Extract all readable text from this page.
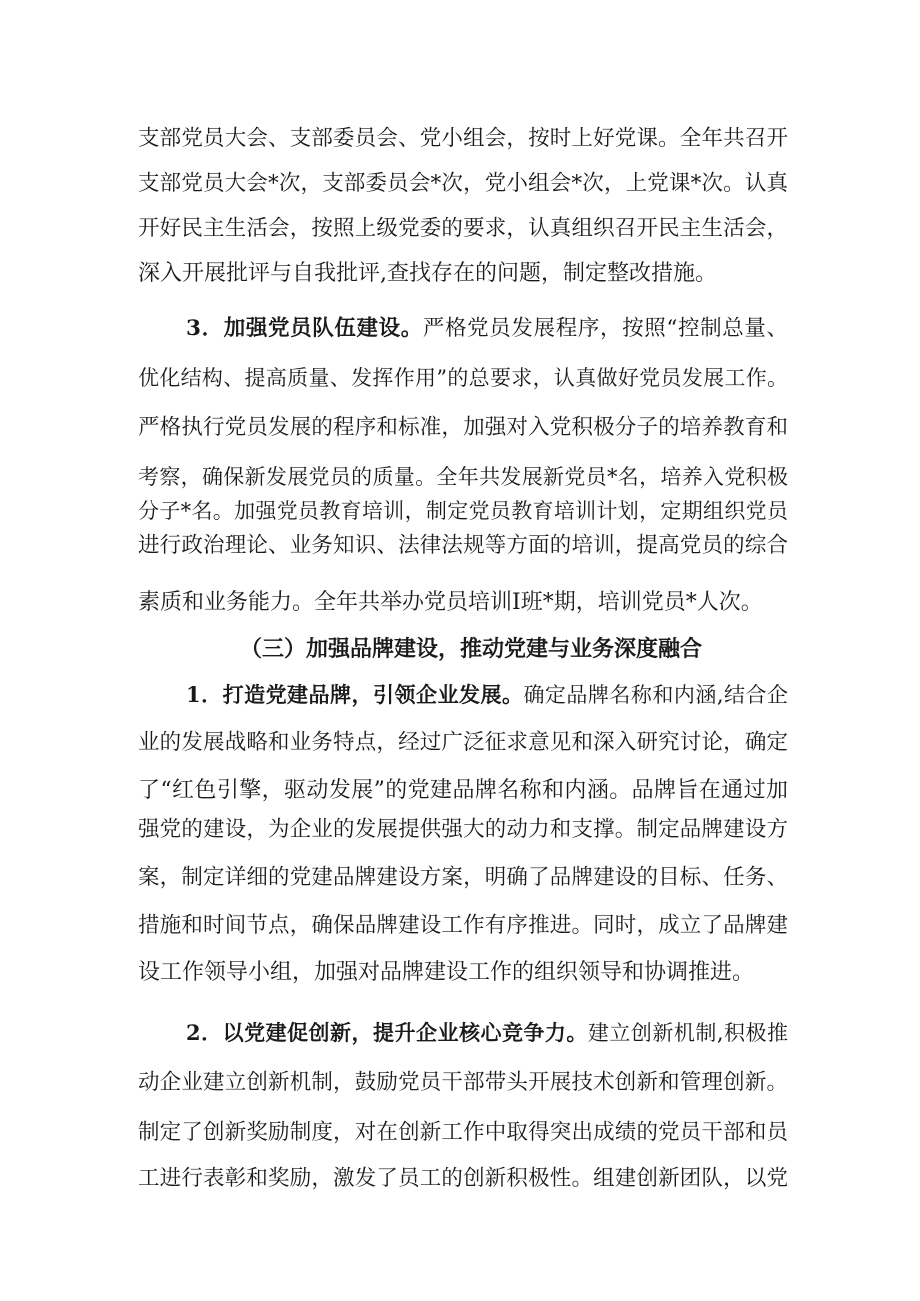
支部党员大会、支部委员会、党小组会，按时上好党课。全年共召开
支部党员大会*次，支部委员会*次，党小组会*次，上党课*次。认真
开好民主生活会，按照上级党委的要求，认真组织召开民主生活会，
深入开展批评与自我批评,查找存在的问题，制定整改措施。
3．加强党员队伍建设。严格党员发展程序，按照“控制总量、
优化结构、提高质量、发挥作用”的总要求，认真做好党员发展工作。
严格执行党员发展的程序和标准，加强对入党积极分子的培养教育和
考察，确保新发展党员的质量。全年共发展新党员*名，培养入党积极
分子*名。加强党员教育培训，制定党员教育培训计划，定期组织党员
进行政治理论、业务知识、法律法规等方面的培训，提高党员的综合
素质和业务能力。全年共举办党员培训I班*期，培训党员*人次。
（三）加强品牌建设，推动党建与业务深度融合
1．打造党建品牌，引领企业发展。确定品牌名称和内涵,结合企
业的发展战略和业务特点，经过广泛征求意见和深入研究讨论，确定
了“红色引擎，驱动发展”的党建品牌名称和内涵。品牌旨在通过加
强党的建设，为企业的发展提供强大的动力和支撑。制定品牌建设方
案，制定详细的党建品牌建设方案，明确了品牌建设的目标、任务、
措施和时间节点，确保品牌建设工作有序推进。同时，成立了品牌建
设工作领导小组，加强对品牌建设工作的组织领导和协调推进。
2．以党建促创新，提升企业核心竞争力。建立创新机制,积极推
动企业建立创新机制，鼓励党员干部带头开展技术创新和管理创新。
制定了创新奖励制度，对在创新工作中取得突出成绩的党员干部和员
工进行表彰和奖励，激发了员工的创新积极性。组建创新团队，以党
